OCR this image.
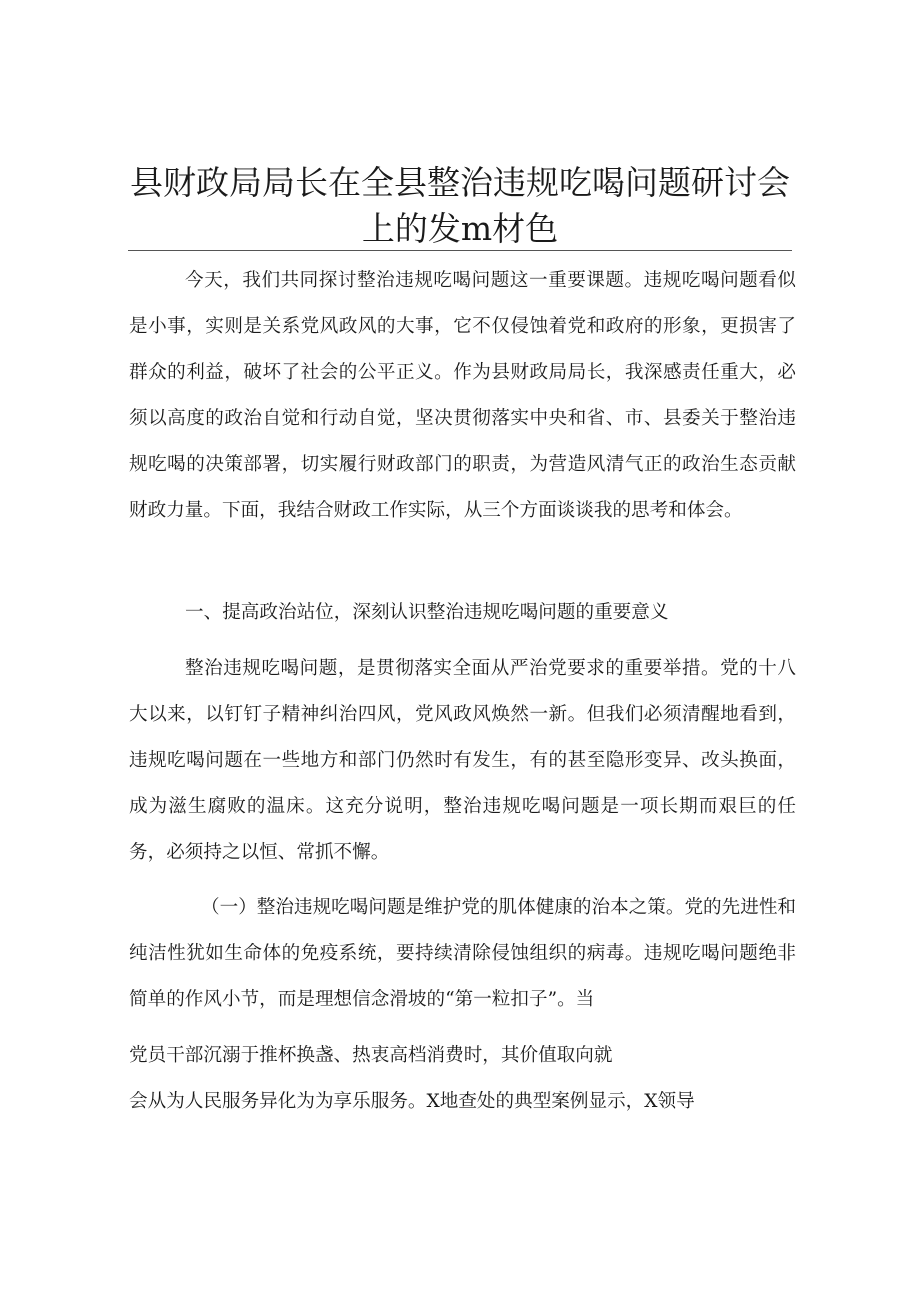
县财政局局长在全县整治违规吃喝问题研讨会上的发m材色

今天，我们共同探讨整治违规吃喝问题这一重要课题。违规吃喝问题看似是小事，实则是关系党风政风的大事，它不仅侵蚀着党和政府的形象，更损害了群众的利益，破坏了社会的公平正义。作为县财政局局长，我深感责任重大，必须以高度的政治自觉和行动自觉，坚决贯彻落实中央和省、市、县委关于整治违规吃喝的决策部署，切实履行财政部门的职责，为营造风清气正的政治生态贡献财政力量。下面，我结合财政工作实际，从三个方面谈谈我的思考和体会。

一、提高政治站位，深刻认识整治违规吃喝问题的重要意义

整治违规吃喝问题，是贯彻落实全面从严治党要求的重要举措。党的十八大以来，以钉钉子精神纠治四风，党风政风焕然一新。但我们必须清醒地看到，违规吃喝问题在一些地方和部门仍然时有发生，有的甚至隐形变异、改头换面，成为滋生腐败的温床。这充分说明，整治违规吃喝问题是一项长期而艰巨的任务，必须持之以恒、常抓不懈。

（一）整治违规吃喝问题是维护党的肌体健康的治本之策。党的先进性和纯洁性犹如生命体的免疫系统，要持续清除侵蚀组织的病毒。违规吃喝问题绝非简单的作风小节，而是理想信念滑坡的“第一粒扣子”。当

党员干部沉溺于推杯换盏、热衷高档消费时，其价值取向就

会从为人民服务异化为为享乐服务。X地查处的典型案例显示，X领导
